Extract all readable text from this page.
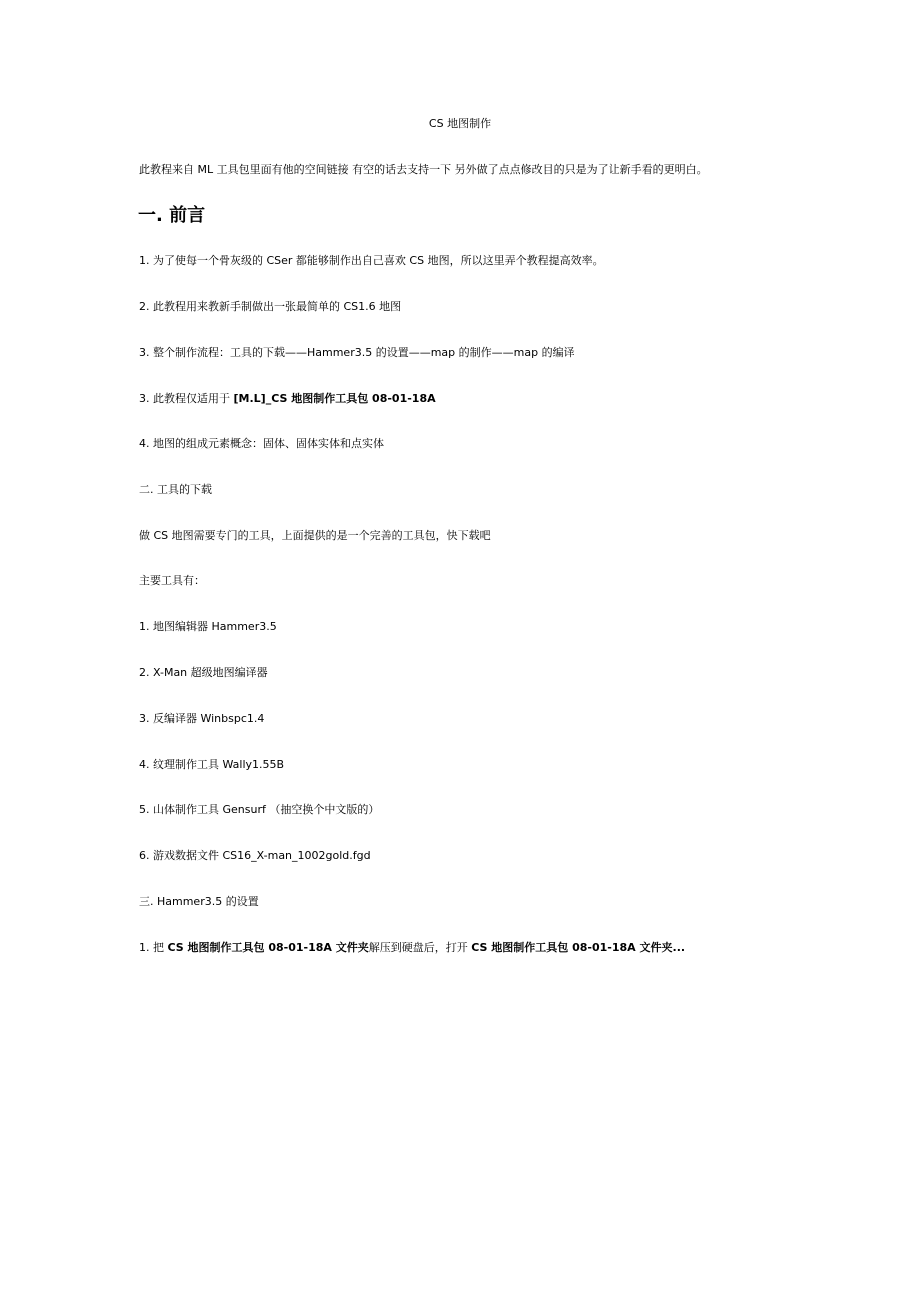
CS 地图制作
此教程来自 ML 工具包里面有他的空间链接 有空的话去支持一下 另外做了点点修改目的只是为了让新手看的更明白。
一. 前言
1. 为了使每一个骨灰级的 CSer 都能够制作出自己喜欢 CS 地图，所以这里弄个教程提高效率。
2. 此教程用来教新手制做出一张最简单的 CS1.6 地图
3. 整个制作流程：工具的下载——Hammer3.5 的设置——map 的制作——map 的编译
3. 此教程仅适用于 [M.L]_CS 地图制作工具包 08-01-18A
4. 地图的组成元素概念：固体、固体实体和点实体
二. 工具的下载
做 CS 地图需要专门的工具，上面提供的是一个完善的工具包，快下载吧
主要工具有：
1. 地图编辑器 Hammer3.5
2. X-Man 超级地图编译器
3. 反编译器 Winbspc1.4
4. 纹理制作工具 Wally1.55B
5. 山体制作工具 Gensurf （抽空换个中文版的）
6. 游戏数据文件 CS16_X-man_1002gold.fgd
三. Hammer3.5 的设置
1. 把 CS 地图制作工具包 08-01-18A 文件夹解压到硬盘后，打开 CS 地图制作工具包 08-01-18A 文件夹...
